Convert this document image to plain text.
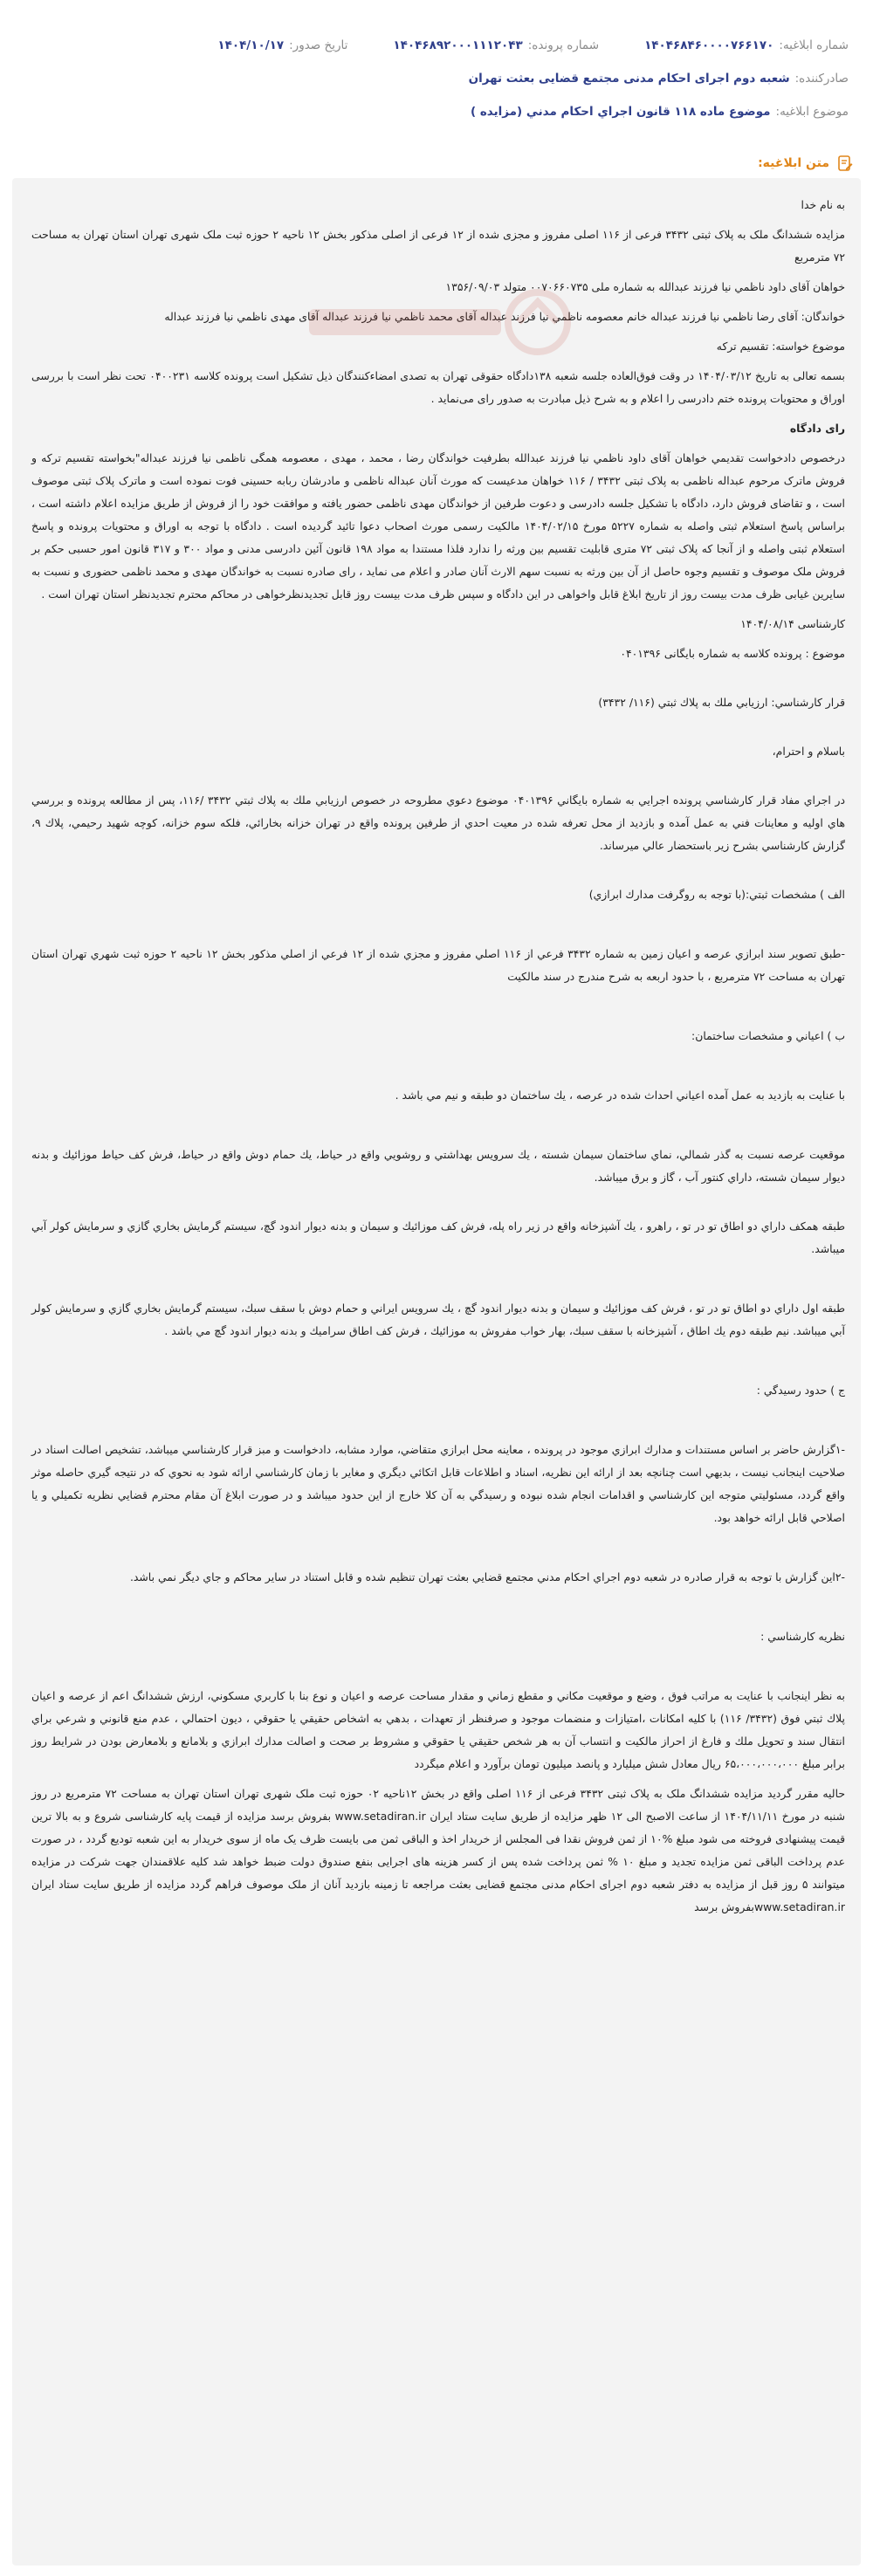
شماره ابلاغیه:
۱۴۰۴۶۸۴۶۰۰۰۰۷۶۶۱۷۰
شماره پرونده:
۱۴۰۴۶۸۹۲۰۰۰۱۱۱۲۰۴۳
تاریخ صدور:
۱۴۰۴/۱۰/۱۷
صادرکننده:
شعبه دوم اجرای احکام مدنی مجتمع قضایی بعثت تهران
موضوع ابلاغیه:
موضوع ماده ۱۱۸ قانون اجراي احكام مدني (مزايده )
متن ابلاغیه:

به نام خدا

مزایده ششدانگ ملک به پلاک ثبتی ۳۴۳۲ فرعی از ۱۱۶ اصلی مفروز و مجزی شده از ۱۲ فرعی از اصلی مذکور بخش ۱۲ ناحیه ۲ حوزه ثبت ملک شهری تهران استان تهران به مساحت ۷۲ مترمربع

خواهان آقای داود ناظمي نیا فرزند عبدالله به شماره ملی ۰۰۷۰۶۶۰۷۳۵ متولد ۱۳۵۶/۰۹/۰۳

خواندگان: آقای رضا ناظمي نیا فرزند عبداله خانم معصومه ناظمي نیا فرزند عبداله آقای محمد ناظمي نیا فرزند عبداله آقای مهدی ناظمي نیا فرزند عبداله

موضوع خواسته: تقسیم ترکه

بسمه تعالی به تاریخ ۱۴۰۴/۰۳/۱۲ در وقت فوق‌العاده جلسه شعبه ۱۳۸دادگاه حقوقی تهران به تصدی امضاءکنندگان ذیل تشکیل است پرونده کلاسه ۰۴۰۰۲۳۱ تحت نظر است با بررسی اوراق و محتویات پرونده ختم دادرسی را اعلام و به شرح ذیل مبادرت به صدور رای می‌نماید .

رای دادگاه

درخصوص دادخواست تقديمي خواهان آقای داود ناظمي نیا فرزند عبدالله بطرفيت خواندگان رضا ، محمد ، مهدی ، معصومه همگی ناظمی نیا فرزند عبداله"بخواسته تقسیم ترکه و فروش ماترک مرحوم عبداله ناظمی به پلاک ثبتی ۳۴۳۲ / ۱۱۶ خواهان مدعیست که مورث آنان عبداله ناظمی و مادرشان ربابه حسینی فوت نموده است و ماترک پلاک ثبتی موصوف است ، و تقاضای فروش دارد، دادگاه با تشکیل جلسه دادرسی و دعوت طرفین از خواندگان مهدی ناظمی حضور یافته و موافقت خود را از فروش از طریق مزایده اعلام داشته است ، براساس پاسخ استعلام ثبتی واصله به شماره ۵۲۲۷ مورخ ۱۴۰۴/۰۲/۱۵ مالکیت رسمی مورث اصحاب دعوا تائید گردیده است . دادگاه با توجه به اوراق و محتویات پرونده و پاسخ استعلام ثبتی واصله و از آنجا که پلاک ثبتی ۷۲ متری قابلیت تقسیم بین ورثه را ندارد فلذا مستندا به مواد ۱۹۸ قانون آئین دادرسی مدنی و مواد ۳۰۰ و ۳۱۷ قانون امور حسبی حکم بر فروش ملک موصوف و تقسیم وجوه حاصل از آن بین ورثه به نسبت سهم الارث آنان صادر و اعلام می نماید ، رای صادره نسبت به خواندگان مهدی و محمد ناظمی حضوری و نسبت به سایرین غیابی ظرف مدت بیست روز از تاریخ ابلاغ قابل واخواهی در این دادگاه و سپس ظرف مدت بیست روز قابل تجدیدنظرخواهی در محاکم محترم تجدیدنظر استان تهران است .

کارشناسی ۱۴۰۴/۰۸/۱۴

موضوع : پرونده کلاسه به شماره بایگانی ۰۴۰۱۳۹۶

قرار كارشناسي: ارزيابي ملك به پلاك ثبتي (۱۱۶/ ۳۴۳۲)

باسلام و احترام،

در اجراي مفاد قرار كارشناسي پرونده اجرايي به شماره بايگاني ۰۴۰۱۳۹۶ موضوع دعوي مطروحه در خصوص ارزيابي ملك به پلاك ثبتي ۳۴۳۲ /۱۱۶، پس از مطالعه پرونده و بررسي هاي اوليه و معاينات فني به عمل آمده و بازديد از محل تعرفه شده در معيت احدي از طرفين پرونده واقع در تهران خزانه بخارائي، فلكه سوم خزانه، كوچه شهيد رحيمي، پلاك ۹، گزارش كارشناسي بشرح زير باستحضار عالي ميرساند.

الف ) مشخصات ثبتي:(با توجه به روگرفت مدارك ابرازي)

-طبق تصوير سند ابرازي عرصه و اعيان زمين به شماره ۳۴۳۲ فرعي از ۱۱۶ اصلي مفروز و مجزي شده از ۱۲ فرعي از اصلي مذكور بخش ۱۲ ناحيه ۲ حوزه ثبت شهري تهران استان تهران به مساحت ۷۲ مترمربع ، با حدود اربعه به شرح مندرج در سند مالكيت

ب ) اعياني و مشخصات ساختمان:

با عنايت به بازديد به عمل آمده اعياني احداث شده در عرصه ، يك ساختمان دو طبقه و نيم مي باشد .

موقعيت عرصه نسبت به گذر شمالي، نماي ساختمان سيمان شسته ، يك سرويس بهداشتي و روشويي واقع در حياط، يك حمام دوش واقع در حياط، فرش كف حياط موزائيك و بدنه ديوار سيمان شسته، داراي كنتور آب ، گاز و برق ميباشد.

طبقه همكف داراي دو اطاق تو در تو ، راهرو ، يك آشپزخانه واقع در زير راه پله، فرش كف موزائيك و سيمان و بدنه ديوار اندود گچ، سيستم گرمايش بخاري گازي و سرمايش كولر آبي ميباشد.

طبقه اول داراي دو اطاق تو در تو ، فرش كف موزائيك و سيمان و بدنه ديوار اندود گچ ، يك سرويس ايراني و حمام دوش با سقف سبك، سيستم گرمايش بخاري گازي و سرمايش كولر آبي ميباشد. نيم طبقه دوم يك اطاق ، آشپزخانه با سقف سبك، بهار خواب مفروش به موزائيك ، فرش كف اطاق سراميك و بدنه ديوار اندود گچ مي باشد .

ج ) حدود رسيدگي :

-۱گزارش حاضر بر اساس مستندات و مدارك ابرازي موجود در پرونده ، معاينه محل ابرازي متقاضي، موارد مشابه، دادخواست و مبز قرار كارشناسي ميباشد، تشخيص اصالت اسناد در صلاحيت اينجانب نيست ، بديهي است چنانچه بعد از ارائه اين نظريه، اسناد و اطلاعات قابل اتكائي ديگري و مغاير با زمان كارشناسي ارائه شود به نحوي كه در نتيجه گيري حاصله موثر واقع گردد، مسئوليتي متوجه اين كارشناسي و اقدامات انجام شده نبوده و رسيدگي به آن كلا خارج از اين حدود ميباشد و در صورت ابلاغ آن مقام محترم قضايي نظريه تكميلي و يا اصلاحي قابل ارائه خواهد بود.

-۲اين گزارش با توجه به قرار صادره در شعبه دوم اجراي احكام مدني مجتمع قضايي بعثت تهران تنظيم شده و قابل استناد در ساير محاكم و جاي ديگر نمي باشد.

نظريه كارشناسي :

به نظر اينجانب با عنايت به مراتب فوق ، وضع و موقعيت مكاني و مقطع زماني و مقدار مساحت عرصه و اعيان و نوع بنا با كاربري مسكوني، ارزش ششدانگ اعم از عرصه و اعيان پلاك ثبتي فوق (۳۴۳۲/ ۱۱۶) با كليه امكانات ،امتيازات و منضمات موجود و صرفنظر از تعهدات ، بدهي به اشخاص حقيقي يا حقوقي ، ديون احتمالي ، عدم منع قانوني و شرعي براي انتقال سند و تحويل ملك و فارغ از احراز مالكيت و انتساب آن به هر شخص حقيقي يا حقوقي و مشروط بر صحت و اصالت مدارك ابرازي و بلامانع و بلامعارض بودن در شرايط روز برابر مبلغ ۶۵،۰۰۰،۰۰۰،۰۰۰ ريال معادل شش ميليارد و پانصد ميليون تومان برآورد و اعلام ميگردد

حالیه مقرر گردید مزایده ششدانگ ملک به پلاک ثبتی ۳۴۳۲ فرعی از ۱۱۶ اصلی واقع در بخش ۱۲ناحیه ۰۲ حوزه ثبت ملک شهری تهران استان تهران به مساحت ۷۲ مترمربع در روز شنبه در مورخ ۱۴۰۴/۱۱/۱۱ از ساعت الاصبح الی ۱۲ ظهر مزایده از طریق سایت ستاد ایران www.setadiran.ir بفروش برسد مزایده از قیمت پایه کارشناسی شروع و به بالا ترین قیمت پیشنهادی فروخته می شود مبلغ %۱۰ از ثمن فروش نقدا فی المجلس از خریدار اخذ و الباقی ثمن می بایست ظرف یک ماه از سوی خریدار به این شعبه تودیع گردد ، در صورت عدم پرداخت الباقی ثمن مزایده تجدید و مبلغ ۱۰ % ثمن پرداخت شده پس از کسر هزینه های اجرایی بنفع صندوق دولت ضبط خواهد شد کلیه علاقمندان جهت شرکت در مزایده میتوانند ۵ روز قبل از مزایده به دفتر شعبه دوم اجرای احکام مدنی مجتمع قضایی بعثت مراجعه تا زمینه بازدید آنان از ملک موصوف فراهم گردد مزایده از طریق سایت ستاد ایران www.setadiran.irبفروش برسد
